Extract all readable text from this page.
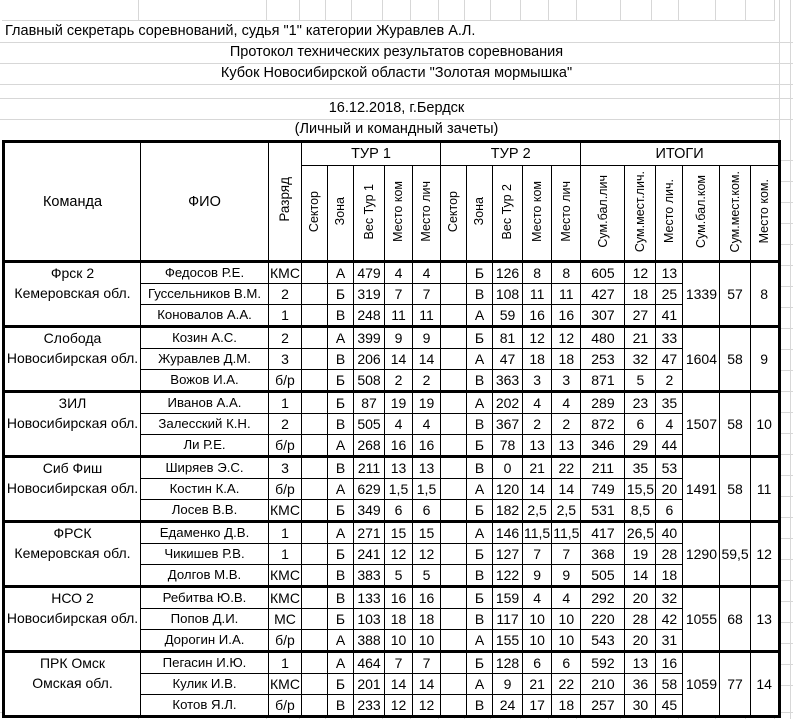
Главный секретарь соревнований, судья "1" категории Журавлев А.Л.
Протокол технических результатов соревнования
Кубок Новосибирской области "Золотая мормышка"
16.12.2018, г.Бердск
(Личный и командный зачеты)
Команда	ФИО	Разряд	ТУР 1					ТУР 2					ИТОГИ					
			Сектор	Зона	Вес Тур 1	Место ком	Место лич	Сектор	Зона	Вес Тур 2	Место ком	Место лич	Сум.бал.лич	Сум.мест.лич.	Место лич.	Сум.бал.ком	Сум.мест.ком.	Место ком.

Фрск 2
Кемеровская обл.	Федосов Р.Е.	КМС		А	479	4	4		Б	126	8	8	605	12	13	1339	57	8
	Гуссельников В.М.	2		Б	319	7	7		В	108	11	11	427	18	25			
	Коновалов А.А.	1		В	248	11	11		А	59	16	16	307	27	41			

Слобода
Новосибирская обл.	Козин А.С.	2		А	399	9	9		Б	81	12	12	480	21	33	1604	58	9
	Журавлев Д.М.	3		В	206	14	14		А	47	18	18	253	32	47			
	Вожов И.А.	б/р		Б	508	2	2		В	363	3	3	871	5	2			

ЗИЛ
Новосибирская обл.	Иванов А.А.	1		Б	87	19	19		А	202	4	4	289	23	35	1507	58	10
	Залесский К.Н.	2		В	505	4	4		В	367	2	2	872	6	4			
	Ли Р.Е.	б/р		А	268	16	16		Б	78	13	13	346	29	44			

Сиб Фиш
Новосибирская обл.	Ширяев Э.С.	3		В	211	13	13		В	0	21	22	211	35	53	1491	58	11
	Костин К.А.	б/р		А	629	1,5	1,5		А	120	14	14	749	15,5	20			
	Лосев В.В.	КМС		Б	349	6	6		Б	182	2,5	2,5	531	8,5	6			

ФРСК
Кемеровская обл.	Едаменко Д.В.	1		А	271	15	15		А	146	11,5	11,5	417	26,5	40	1290	59,5	12
	Чикишев Р.В.	1		Б	241	12	12		Б	127	7	7	368	19	28			
	Долгов М.В.	КМС		В	383	5	5		В	122	9	9	505	14	18			

НСО 2
Новосибирская обл.	Ребитва Ю.В.	КМС		В	133	16	16		Б	159	4	4	292	20	32	1055	68	13
	Попов Д.И.	МС		Б	103	18	18		В	117	10	10	220	28	42			
	Дорогин И.А.	б/р		А	388	10	10		А	155	10	10	543	20	31			

ПРК Омск
Омская обл.	Пегасин И.Ю.	1		А	464	7	7		Б	128	6	6	592	13	16	1059	77	14
	Кулик И.В.	КМС		Б	201	14	14		А	9	21	22	210	36	58			
	Котов Я.Л.	б/р		В	233	12	12		В	24	17	18	257	30	45			
